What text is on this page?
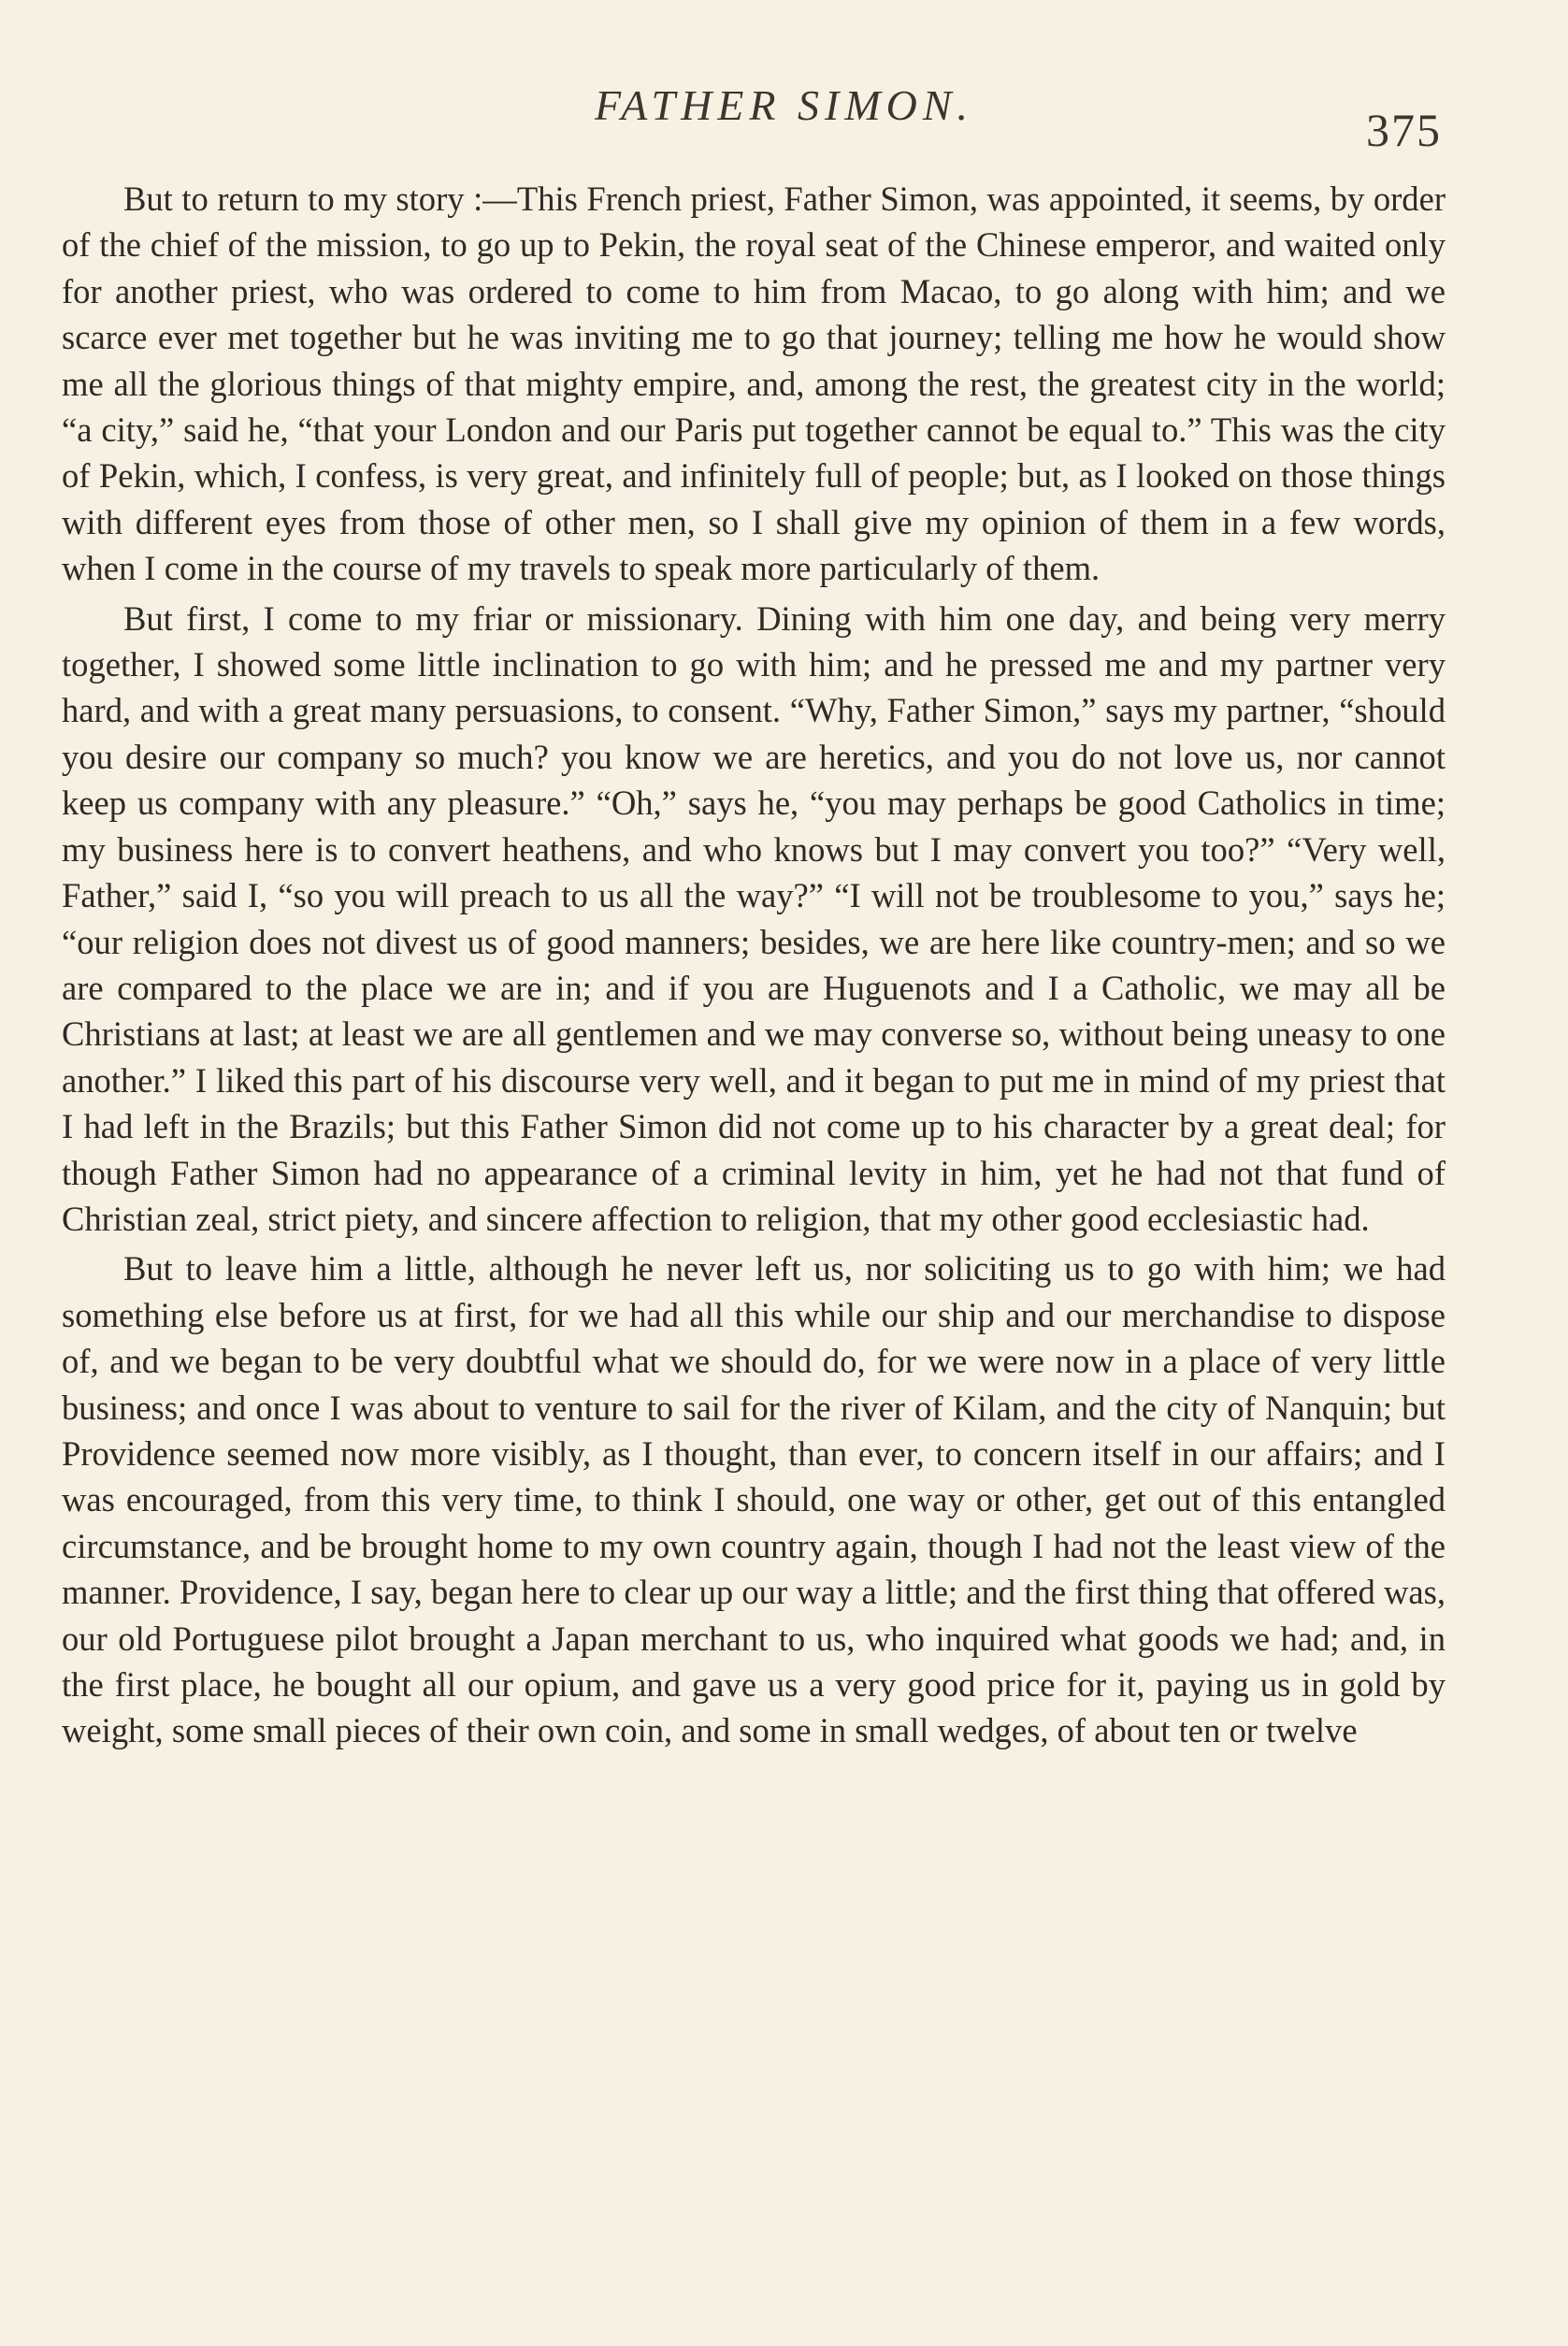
FATHER SIMON.	375

But to return to my story :—This French priest, Father Simon, was appointed, it seems, by order of the chief of the mission, to go up to Pekin, the royal seat of the Chinese emperor, and waited only for another priest, who was ordered to come to him from Macao, to go along with him; and we scarce ever met together but he was inviting me to go that journey; telling me how he would show me all the glorious things of that mighty empire, and, among the rest, the greatest city in the world; “a city,” said he, “that your London and our Paris put together cannot be equal to.” This was the city of Pekin, which, I confess, is very great, and infinitely full of people; but, as I looked on those things with different eyes from those of other men, so I shall give my opinion of them in a few words, when I come in the course of my travels to speak more particularly of them.

But first, I come to my friar or missionary. Dining with him one day, and being very merry together, I showed some little inclination to go with him; and he pressed me and my partner very hard, and with a great many persuasions, to consent. “Why, Father Simon,” says my partner, “should you desire our company so much? you know we are heretics, and you do not love us, nor cannot keep us company with any pleasure.” “Oh,” says he, “you may perhaps be good Catholics in time; my business here is to convert heathens, and who knows but I may convert you too?” “Very well, Father,” said I, “so you will preach to us all the way?” “I will not be troublesome to you,” says he; “our religion does not divest us of good manners; besides, we are here like country-men; and so we are compared to the place we are in; and if you are Huguenots and I a Catholic, we may all be Christians at last; at least we are all gentlemen and we may converse so, without being uneasy to one another.” I liked this part of his discourse very well, and it began to put me in mind of my priest that I had left in the Brazils; but this Father Simon did not come up to his character by a great deal; for though Father Simon had no appearance of a criminal levity in him, yet he had not that fund of Christian zeal, strict piety, and sincere affection to religion, that my other good ecclesiastic had.

But to leave him a little, although he never left us, nor soliciting us to go with him; we had something else before us at first, for we had all this while our ship and our merchandise to dispose of, and we began to be very doubtful what we should do, for we were now in a place of very little business; and once I was about to venture to sail for the river of Kilam, and the city of Nanquin; but Providence seemed now more visibly, as I thought, than ever, to concern itself in our affairs; and I was encouraged, from this very time, to think I should, one way or other, get out of this entangled circumstance, and be brought home to my own country again, though I had not the least view of the manner. Providence, I say, began here to clear up our way a little; and the first thing that offered was, our old Portuguese pilot brought a Japan merchant to us, who inquired what goods we had; and, in the first place, he bought all our opium, and gave us a very good price for it, paying us in gold by weight, some small pieces of their own coin, and some in small wedges, of about ten or twelve
